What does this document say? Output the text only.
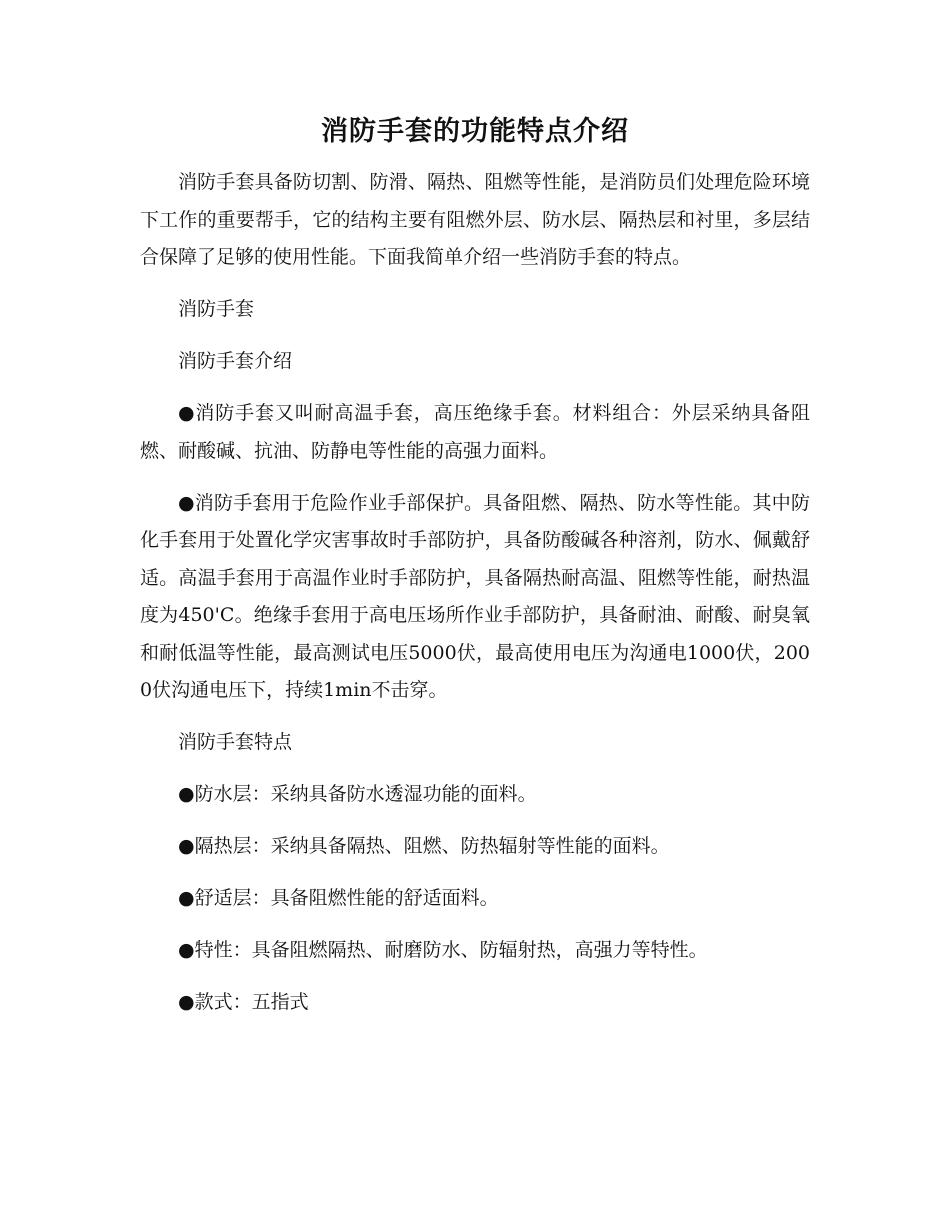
消防手套的功能特点介绍

消防手套具备防切割、防滑、隔热、阻燃等性能，是消防员们处理危险环境下工作的重要帮手，它的结构主要有阻燃外层、防水层、隔热层和衬里，多层结合保障了足够的使用性能。下面我简单介绍一些消防手套的特点。

消防手套

消防手套介绍

●消防手套又叫耐高温手套，高压绝缘手套。材料组合：外层采纳具备阻燃、耐酸碱、抗油、防静电等性能的高强力面料。

●消防手套用于危险作业手部保护。具备阻燃、隔热、防水等性能。其中防化手套用于处置化学灾害事故时手部防护，具备防酸碱各种溶剂，防水、佩戴舒适。高温手套用于高温作业时手部防护，具备隔热耐高温、阻燃等性能，耐热温度为450'C。绝缘手套用于高电压场所作业手部防护，具备耐油、耐酸、耐臭氧和耐低温等性能，最高测试电压5000伏，最高使用电压为沟通电1000伏，2000伏沟通电压下，持续1min不击穿。

消防手套特点

●防水层：采纳具备防水透湿功能的面料。

●隔热层：采纳具备隔热、阻燃、防热辐射等性能的面料。

●舒适层：具备阻燃性能的舒适面料。

●特性：具备阻燃隔热、耐磨防水、防辐射热，高强力等特性。

●款式：五指式
